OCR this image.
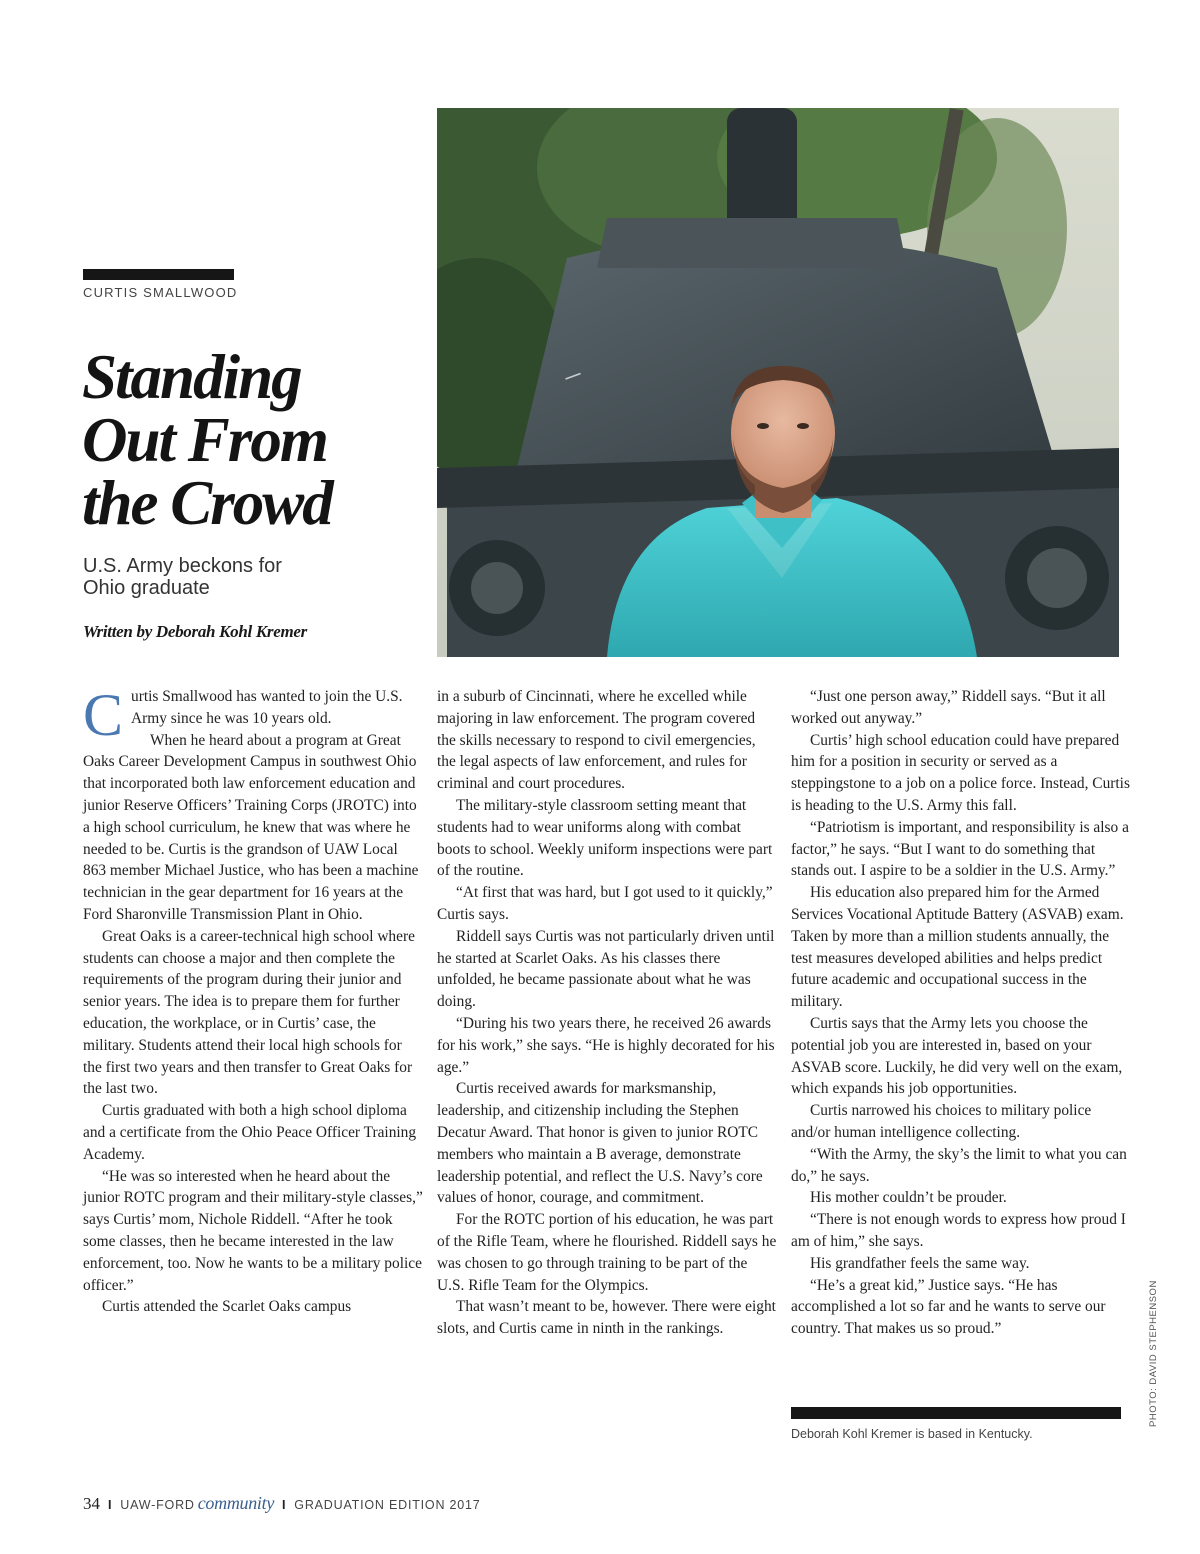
CURTIS SMALLWOOD
Standing
Out From
the Crowd
U.S. Army beckons for
Ohio graduate
Written by Deborah Kohl Kremer
—

Curtis Smallwood has wanted to join the U.S. Army since he was 10 years old.

When he heard about a program at Great Oaks Career Development Campus in southwest Ohio that incorporated both law enforcement education and junior Reserve Officers’ Training Corps (JROTC) into a high school curriculum, he knew that was where he needed to be. Curtis is the grandson of UAW Local 863 member Michael Justice, who has been a machine technician in the gear department for 16 years at the Ford Sharonville Transmission Plant in Ohio.

Great Oaks is a career-technical high school where students can choose a major and then complete the requirements of the program during their junior and senior years. The idea is to prepare them for further education, the workplace, or in Curtis’ case, the military. Students attend their local high schools for the first two years and then transfer to Great Oaks for the last two.

Curtis graduated with both a high school diploma and a certificate from the Ohio Peace Officer Training Academy.

“He was so interested when he heard about the junior ROTC program and their military-style classes,” says Curtis’ mom, Nichole Riddell. “After he took some classes, then he became interested in the law enforcement, too. Now he wants to be a military police officer.”

Curtis attended the Scarlet Oaks campus

in a suburb of Cincinnati, where he excelled while majoring in law enforcement. The program covered the skills necessary to respond to civil emergencies, the legal aspects of law enforcement, and rules for criminal and court procedures.

The military-style classroom setting meant that students had to wear uniforms along with combat boots to school. Weekly uniform inspections were part of the routine.

“At first that was hard, but I got used to it quickly,” Curtis says.

Riddell says Curtis was not particularly driven until he started at Scarlet Oaks. As his classes there unfolded, he became passionate about what he was doing.

“During his two years there, he received 26 awards for his work,” she says. “He is highly decorated for his age.”

Curtis received awards for marksmanship, leadership, and citizenship including the Stephen Decatur Award. That honor is given to junior ROTC members who maintain a B average, demonstrate leadership potential, and reflect the U.S. Navy’s core values of honor, courage, and commitment.

For the ROTC portion of his education, he was part of the Rifle Team, where he flourished. Riddell says he was chosen to go through training to be part of the U.S. Rifle Team for the Olympics.

That wasn’t meant to be, however. There were eight slots, and Curtis came in ninth in the rankings.

“Just one person away,” Riddell says. “But it all worked out anyway.”

Curtis’ high school education could have prepared him for a position in security or served as a steppingstone to a job on a police force. Instead, Curtis is heading to the U.S. Army this fall.

“Patriotism is important, and responsibility is also a factor,” he says. “But I want to do something that stands out. I aspire to be a soldier in the U.S. Army.”

His education also prepared him for the Armed Services Vocational Aptitude Battery (ASVAB) exam. Taken by more than a million students annually, the test measures developed abilities and helps predict future academic and occupational success in the military.

Curtis says that the Army lets you choose the potential job you are interested in, based on your ASVAB score. Luckily, he did very well on the exam, which expands his job opportunities.

Curtis narrowed his choices to military police and/or human intelligence collecting.

“With the Army, the sky’s the limit to what you can do,” he says.

His mother couldn’t be prouder.

“There is not enough words to express how proud I am of him,” she says.

His grandfather feels the same way.

“He’s a great kid,” Justice says. “He has accomplished a lot so far and he wants to serve our country. That makes us so proud.”

Deborah Kohl Kremer is based in Kentucky.
PHOTO: DAVID STEPHENSON
34 I UAW-FORD community I GRADUATION EDITION 2017
